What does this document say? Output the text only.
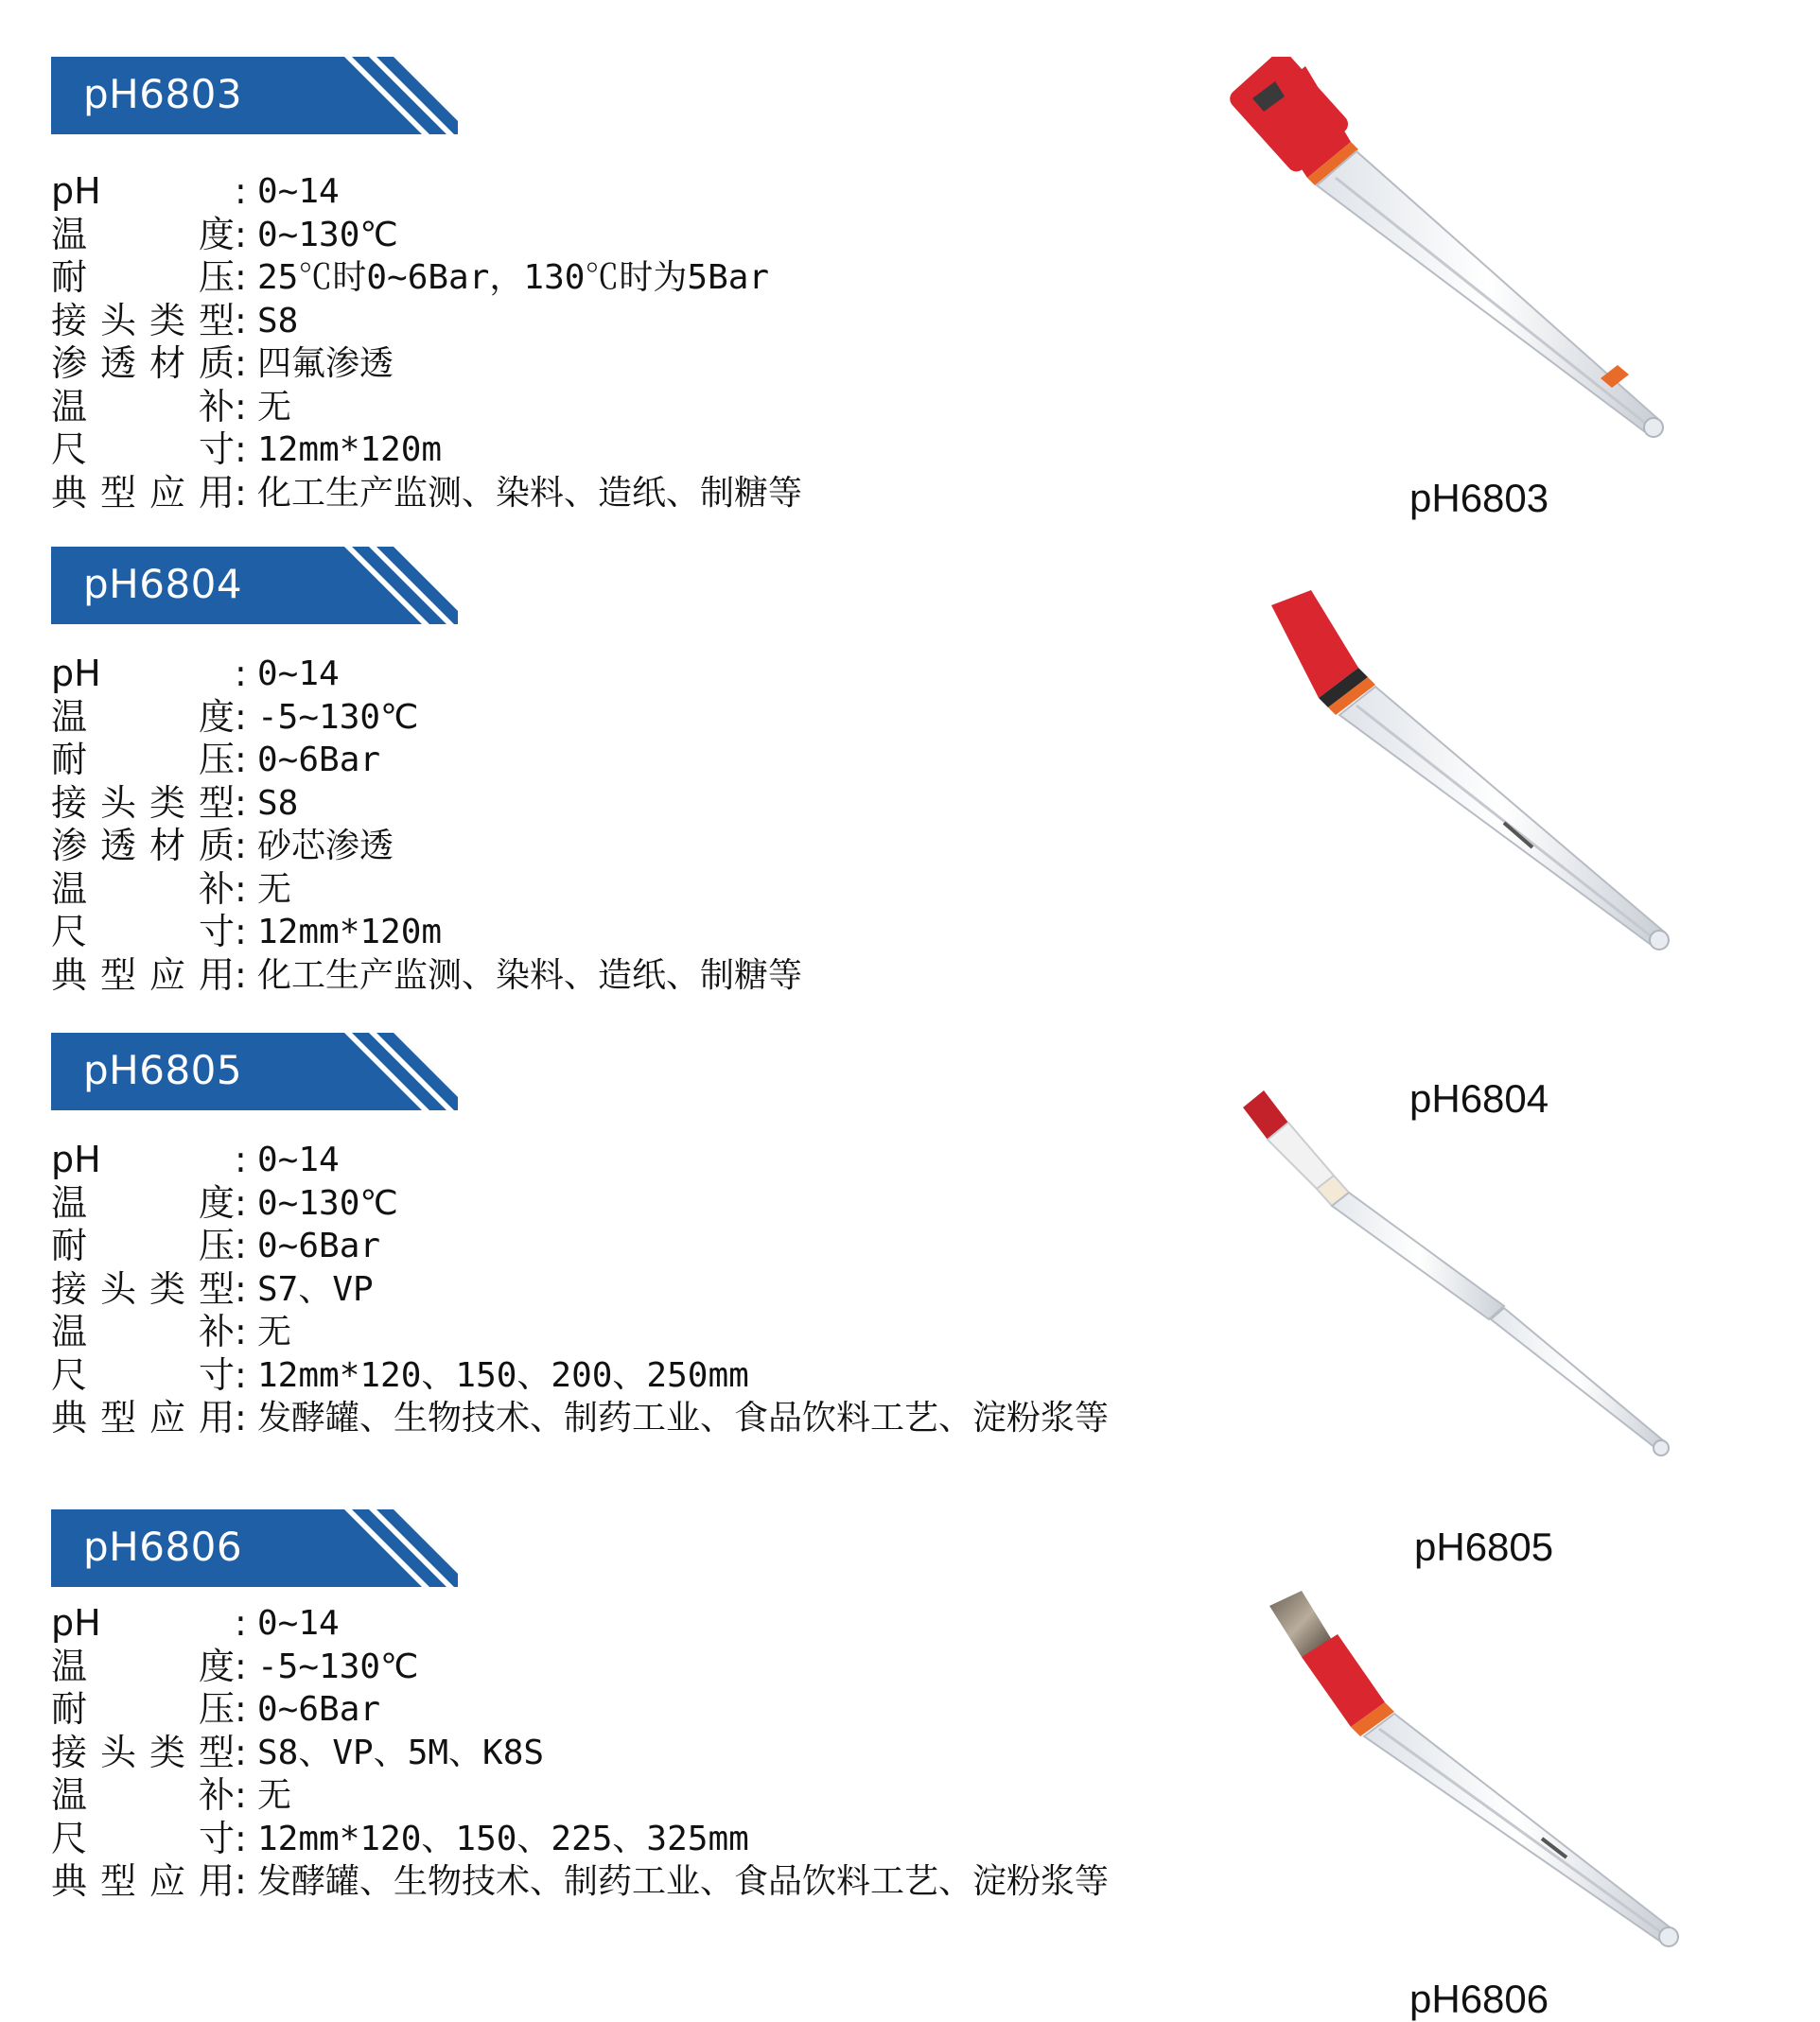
pH6803
pH	: 0~14
温　　度: 0~130℃
耐　　压: 25℃时0~6Bar，130℃时为5Bar
接头类型: S8
渗透材质: 四氟渗透
温　　补: 无
尺　　寸: 12mm*120m
典型应用: 化工生产监测、染料、造纸、制糖等
pH6804
pH	: 0~14
温　　度: -5~130℃
耐　　压: 0~6Bar
接头类型: S8
渗透材质: 砂芯渗透
温　　补: 无
尺　　寸: 12mm*120m
典型应用: 化工生产监测、染料、造纸、制糖等
pH6805
pH	: 0~14
温　　度: 0~130℃
耐　　压: 0~6Bar
接头类型: S7、VP
温　　补: 无
尺　　寸: 12mm*120、150、200、250mm
典型应用: 发酵罐、生物技术、制药工业、食品饮料工艺、淀粉浆等
pH6806
pH	: 0~14
温　　度: -5~130℃
耐　　压: 0~6Bar
接头类型: S8、VP、5M、K8S
温　　补: 无
尺　　寸: 12mm*120、150、225、325mm
典型应用: 发酵罐、生物技术、制药工业、食品饮料工艺、淀粉浆等
pH6803
pH6804
pH6805
pH6806
